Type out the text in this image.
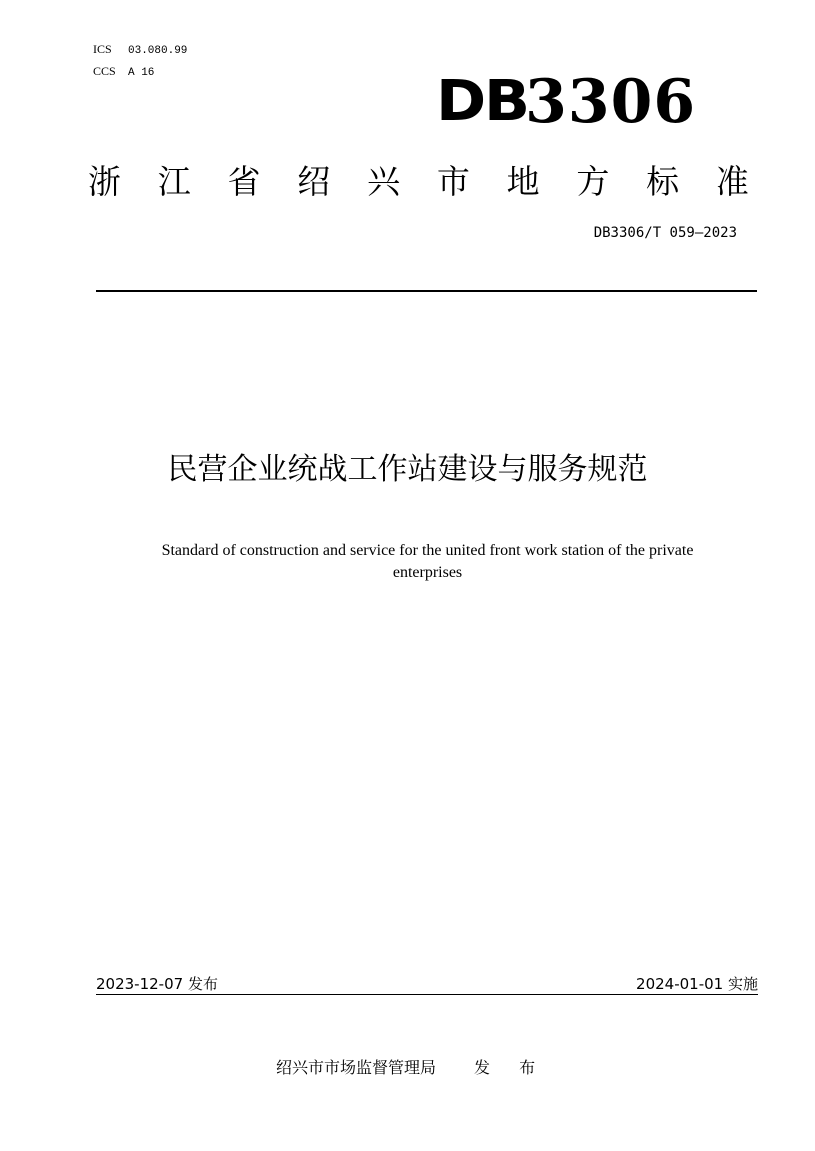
ICS	03.080.99
CCS	A 16	DB
3306
浙 江 省 绍 兴 市 地 方 标 准
DB3306/T 059—2023
民营企业统战工作站建设与服务规范
Standard of construction and service for the united front work station of the private
enterprises
2023-12-07 发布	2024-01-01 实施
绍兴市市场监督管理局 发 布
